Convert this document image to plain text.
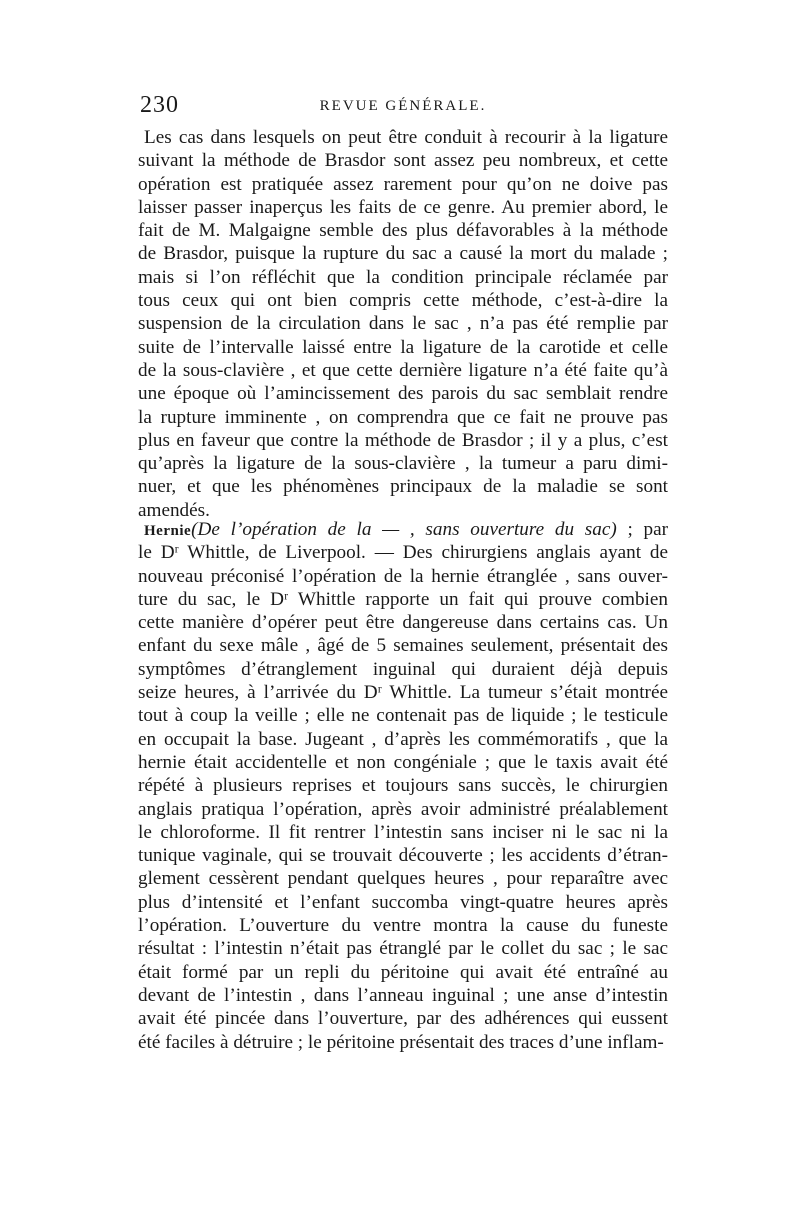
230	REVUE GÉNÉRALE.
Les cas dans lesquels on peut être conduit à recourir à la ligature
suivant la méthode de Brasdor sont assez peu nombreux, et cette
opération est pratiquée assez rarement pour qu’on ne doive pas
laisser passer inaperçus les faits de ce genre. Au premier abord, le
fait de M. Malgaigne semble des plus défavorables à la méthode
de Brasdor, puisque la rupture du sac a causé la mort du malade ;
mais si l’on réfléchit que la condition principale réclamée par
tous ceux qui ont bien compris cette méthode, c’est-à-dire la
suspension de la circulation dans le sac , n’a pas été remplie par
suite de l’intervalle laissé entre la ligature de la carotide et celle
de la sous-clavière , et que cette dernière ligature n’a été faite qu’à
une époque où l’amincissement des parois du sac semblait rendre
la rupture imminente , on comprendra que ce fait ne prouve pas
plus en faveur que contre la méthode de Brasdor ; il y a plus, c’est
qu’après la ligature de la sous-clavière , la tumeur a paru dimi-
nuer, et que les phénomènes principaux de la maladie se sont
amendés.
Hernie(De l’opération de la — , sans ouverture du sac) ; par
le Dʳ Whittle, de Liverpool. — Des chirurgiens anglais ayant de
nouveau préconisé l’opération de la hernie étranglée , sans ouver-
ture du sac, le Dʳ Whittle rapporte un fait qui prouve combien
cette manière d’opérer peut être dangereuse dans certains cas. Un
enfant du sexe mâle , âgé de 5 semaines seulement, présentait des
symptômes d’étranglement inguinal qui duraient déjà depuis
seize heures, à l’arrivée du Dʳ Whittle. La tumeur s’était montrée
tout à coup la veille ; elle ne contenait pas de liquide ; le testicule
en occupait la base. Jugeant , d’après les commémoratifs , que la
hernie était accidentelle et non congéniale ; que le taxis avait été
répété à plusieurs reprises et toujours sans succès, le chirurgien
anglais pratiqua l’opération, après avoir administré préalablement
le chloroforme. Il fit rentrer l’intestin sans inciser ni le sac ni la
tunique vaginale, qui se trouvait découverte ; les accidents d’étran-
glement cessèrent pendant quelques heures , pour reparaître avec
plus d’intensité et l’enfant succomba vingt-quatre heures après
l’opération. L’ouverture du ventre montra la cause du funeste
résultat : l’intestin n’était pas étranglé par le collet du sac ; le sac
était formé par un repli du péritoine qui avait été entraîné au
devant de l’intestin , dans l’anneau inguinal ; une anse d’intestin
avait été pincée dans l’ouverture, par des adhérences qui eussent
été faciles à détruire ; le péritoine présentait des traces d’une inflam-
